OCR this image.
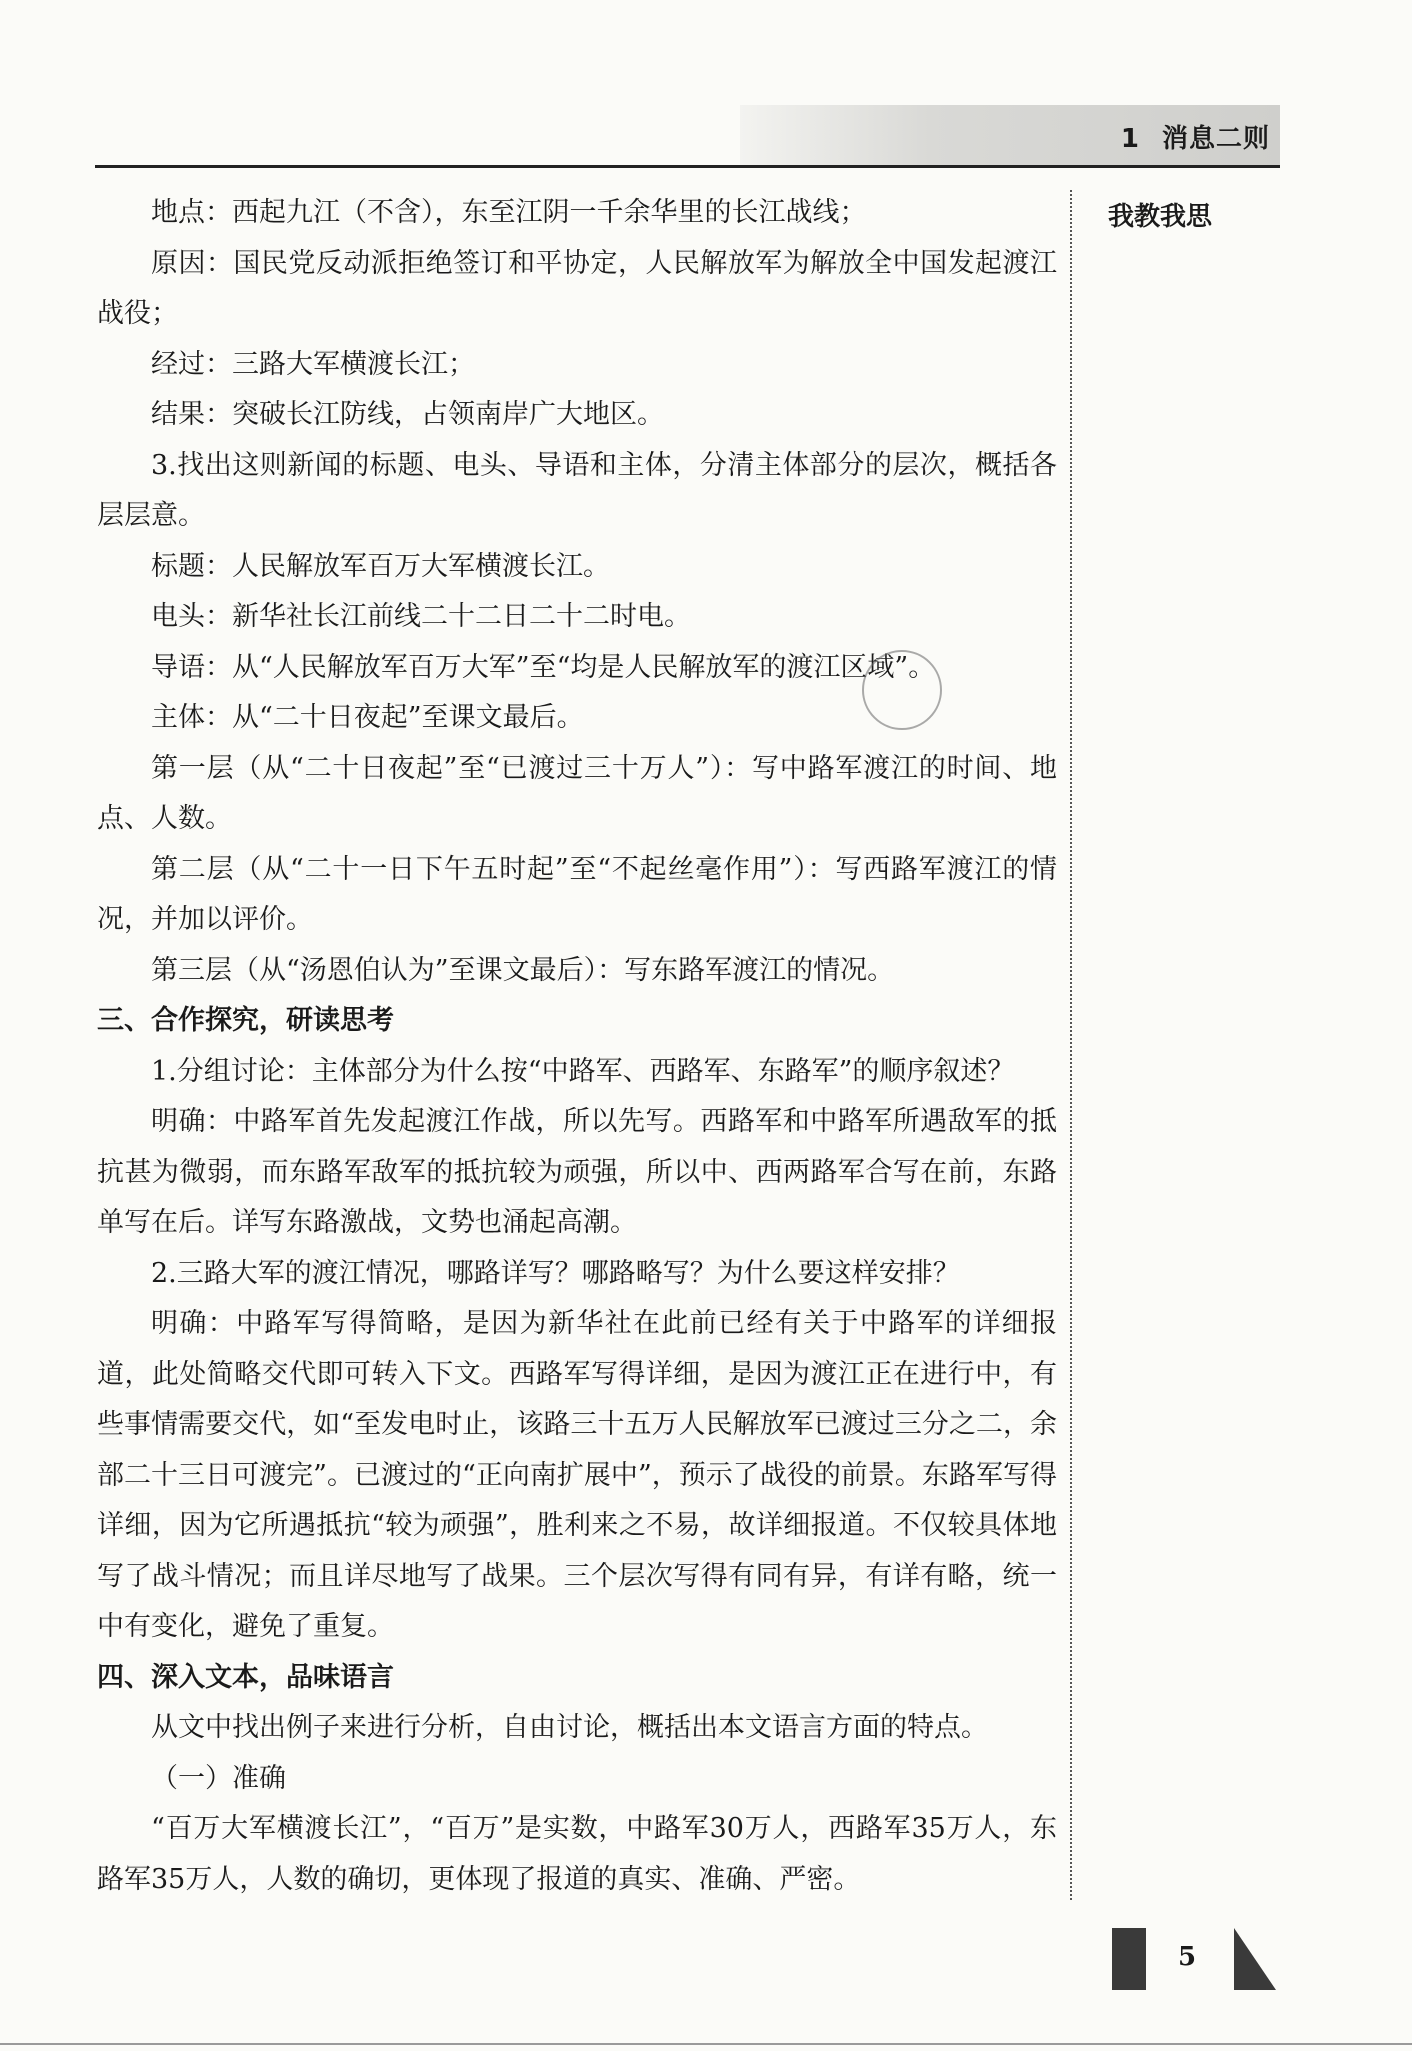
1 消息二则

地点：西起九江（不含），东至江阴一千余华里的长江战线；

原因：国民党反动派拒绝签订和平协定，人民解放军为解放全中国发起渡江战役；

经过：三路大军横渡长江；

结果：突破长江防线，占领南岸广大地区。

3.找出这则新闻的标题、电头、导语和主体，分清主体部分的层次，概括各层层意。

标题：人民解放军百万大军横渡长江。

电头：新华社长江前线二十二日二十二时电。

导语：从“人民解放军百万大军”至“均是人民解放军的渡江区域”。

主体：从“二十日夜起”至课文最后。

第一层（从“二十日夜起”至“已渡过三十万人”）：写中路军渡江的时间、地点、人数。

第二层（从“二十一日下午五时起”至“不起丝毫作用”）：写西路军渡江的情况，并加以评价。

第三层（从“汤恩伯认为”至课文最后）：写东路军渡江的情况。

三、合作探究，研读思考

1.分组讨论：主体部分为什么按“中路军、西路军、东路军”的顺序叙述？

明确：中路军首先发起渡江作战，所以先写。西路军和中路军所遇敌军的抵抗甚为微弱，而东路军敌军的抵抗较为顽强，所以中、西两路军合写在前，东路单写在后。详写东路激战，文势也涌起高潮。

2.三路大军的渡江情况，哪路详写？哪路略写？为什么要这样安排？

明确：中路军写得简略，是因为新华社在此前已经有关于中路军的详细报道，此处简略交代即可转入下文。西路军写得详细，是因为渡江正在进行中，有些事情需要交代，如“至发电时止，该路三十五万人民解放军已渡过三分之二，余部二十三日可渡完”。已渡过的“正向南扩展中”，预示了战役的前景。东路军写得详细，因为它所遇抵抗“较为顽强”，胜利来之不易，故详细报道。不仅较具体地写了战斗情况；而且详尽地写了战果。三个层次写得有同有异，有详有略，统一中有变化，避免了重复。

四、深入文本，品味语言

从文中找出例子来进行分析，自由讨论，概括出本文语言方面的特点。

（一）准确

“百万大军横渡长江”，“百万”是实数，中路军30万人，西路军35万人，东路军35万人，人数的确切，更体现了报道的真实、准确、严密。

我教我思
5
